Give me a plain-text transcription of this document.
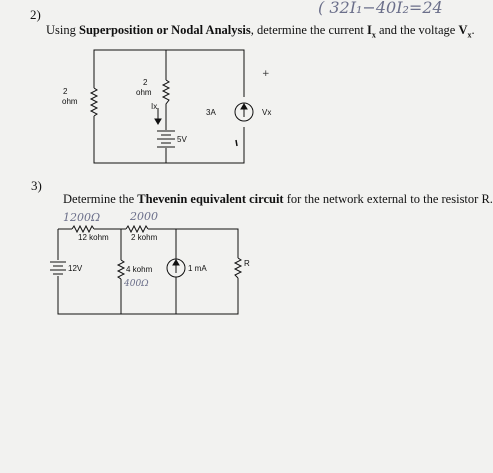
( 32I₁−40I₂=24
2)
Using Superposition or Nodal Analysis, determine the current $I_x$ and the voltage $V_x$.
3)
Determine the Thevenin equivalent circuit for the network external to the resistor R.
1200Ω	2000
400Ω
2
ohm
2
ohm
Ix
5V
3A	Vx
+
12 kohm	2 kohm
12V	4 kohm	1 mA
R
